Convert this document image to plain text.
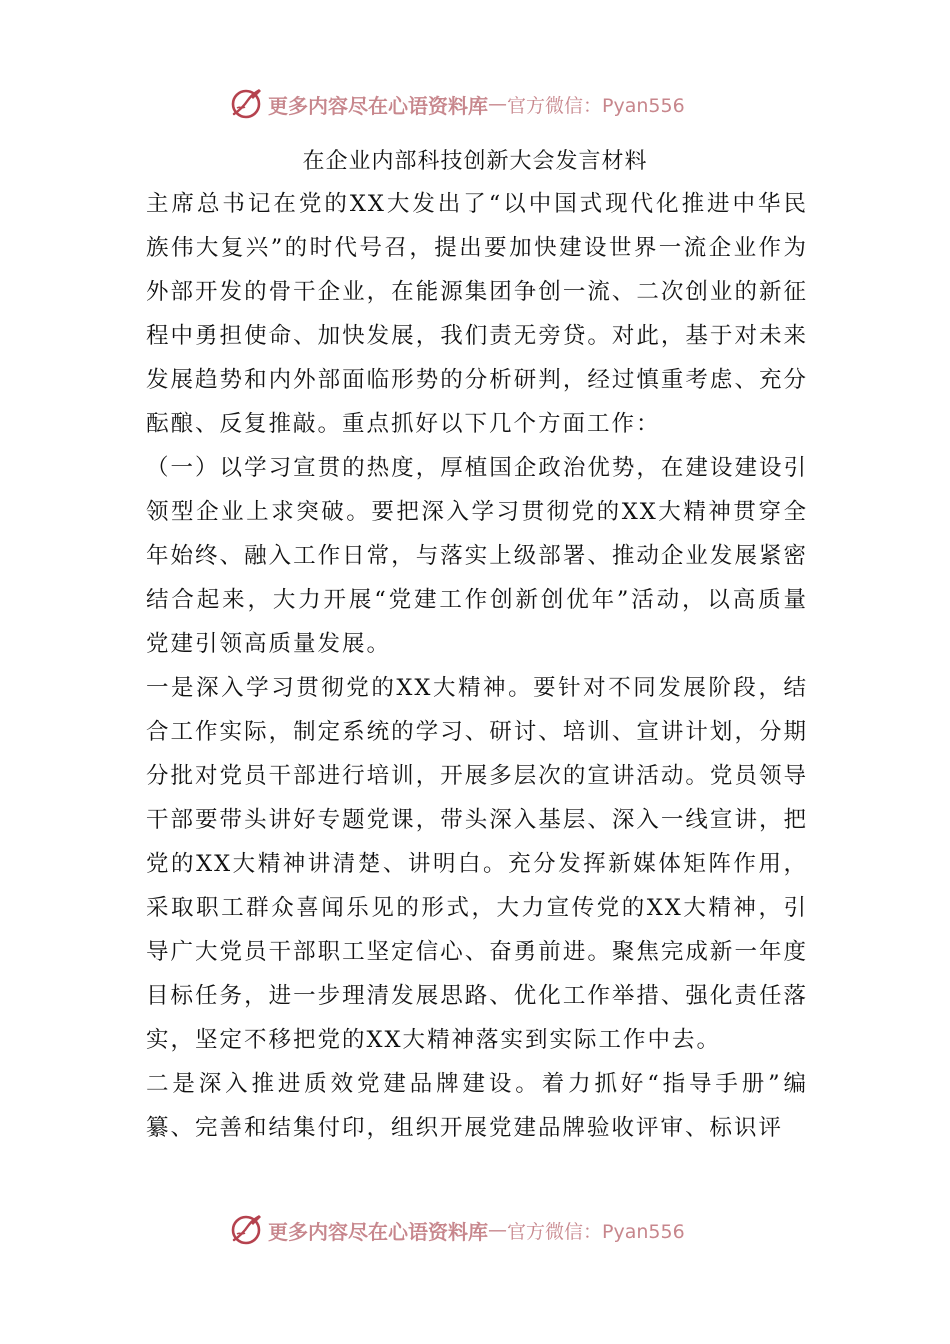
更多内容尽在心语资料库 — 官方微信：Pyan556
在企业内部科技创新大会发言材料

主席总书记在党的XX大发出了“以中国式现代化推进中华民族伟大复兴”的时代号召，提出要加快建设世界一流企业作为外部开发的骨干企业，在能源集团争创一流、二次创业的新征程中勇担使命、加快发展，我们责无旁贷。对此，基于对未来发展趋势和内外部面临形势的分析研判，经过慎重考虑、充分酝酿、反复推敲。重点抓好以下几个方面工作：

（一）以学习宣贯的热度，厚植国企政治优势，在建设建设引领型企业上求突破。要把深入学习贯彻党的XX大精神贯穿全年始终、融入工作日常，与落实上级部署、推动企业发展紧密结合起来，大力开展“党建工作创新创优年”活动，以高质量党建引领高质量发展。

一是深入学习贯彻党的XX大精神。要针对不同发展阶段，结合工作实际，制定系统的学习、研讨、培训、宣讲计划，分期分批对党员干部进行培训，开展多层次的宣讲活动。党员领导干部要带头讲好专题党课，带头深入基层、深入一线宣讲，把党的XX大精神讲清楚、讲明白。充分发挥新媒体矩阵作用，采取职工群众喜闻乐见的形式，大力宣传党的XX大精神，引导广大党员干部职工坚定信心、奋勇前进。聚焦完成新一年度目标任务，进一步理清发展思路、优化工作举措、强化责任落实，坚定不移把党的XX大精神落实到实际工作中去。

二是深入推进质效党建品牌建设。着力抓好“指导手册”编纂、完善和结集付印，组织开展党建品牌验收评审、标识评

更多内容尽在心语资料库 — 官方微信：Pyan556
